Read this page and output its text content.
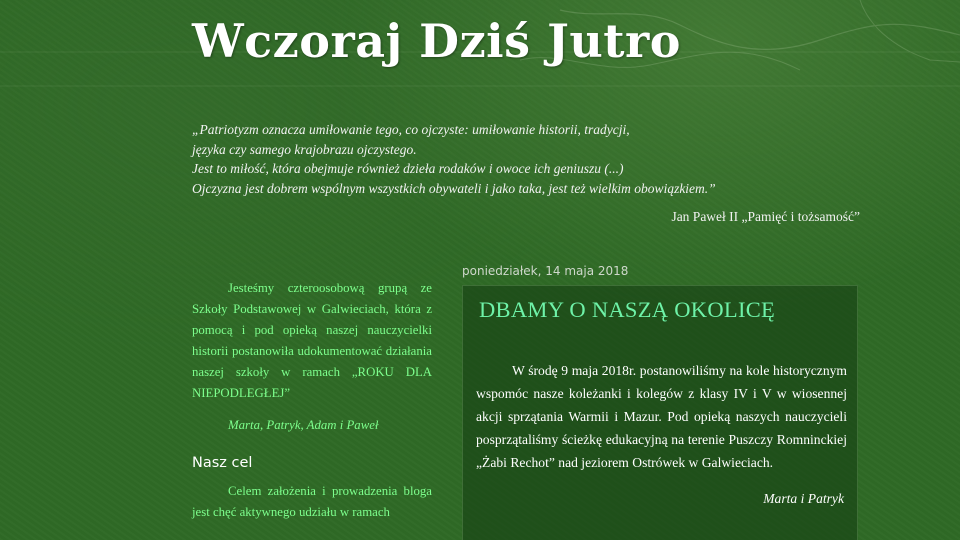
Wczoraj Dziś Jutro
„Patriotyzm oznacza umiłowanie tego, co ojczyste: umiłowanie historii, tradycji,
języka czy samego krajobrazu ojczystego.
Jest to miłość, która obejmuje również dzieła rodaków i owoce ich geniuszu (...)
Ojczyzna jest dobrem wspólnym wszystkich obywateli i jako taka, jest też wielkim obowiązkiem.”
Jan Paweł II „Pamięć i tożsamość”

Jesteśmy czteroosobową grupą ze Szkoły Podstawowej w Galwieciach, która z pomocą i pod opieką naszej nauczycielki historii postanowiła udokumentować działania naszej szkoły w ramach „ROKU DLA NIEPODLEGŁEJ”

Marta, Patryk, Adam i Paweł
Nasz cel

Celem założenia i prowadzenia bloga jest chęć aktywnego udziału w ramach

poniedziałek, 14 maja 2018
DBAMY O NASZĄ OKOLICĘ

W środę 9 maja 2018r. postanowiliśmy na kole historycznym wspomóc nasze koleżanki i kolegów z klasy IV i V w wiosennej akcji sprzątania Warmii i Mazur. Pod opieką naszych nauczycieli posprzątaliśmy ścieżkę edukacyjną na terenie Puszczy Romninckiej „Żabi Rechot” nad jeziorem Ostrówek w Galwieciach.

Marta i Patryk
